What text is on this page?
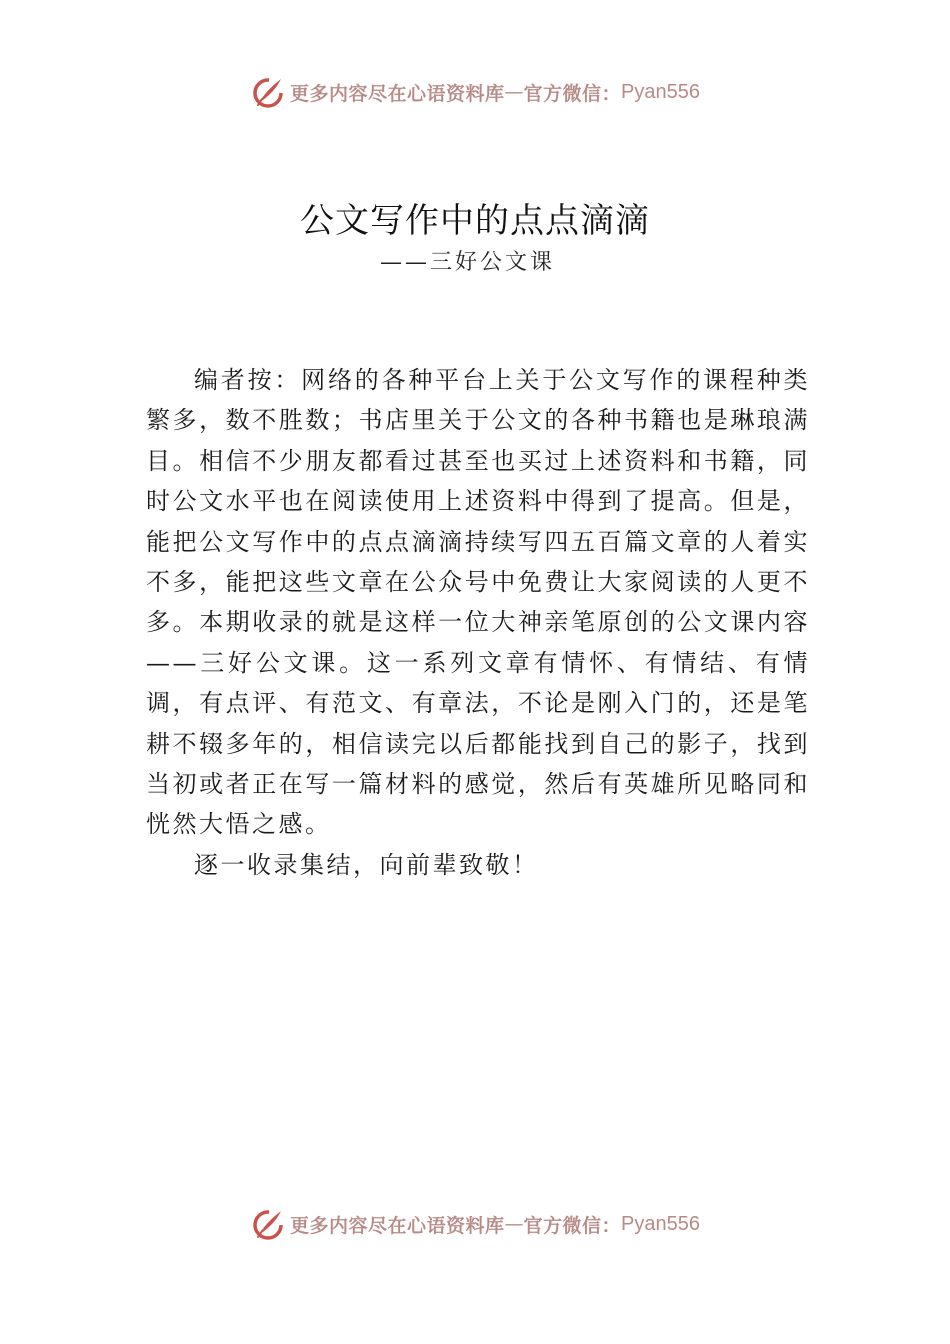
更多内容尽在心语资料库 — 官方微信： Pyan556
公文写作中的点点滴滴
——三好公文课

编者按：网络的各种平台上关于公文写作的课程种类繁多，数不胜数；书店里关于公文的各种书籍也是琳琅满目。相信不少朋友都看过甚至也买过上述资料和书籍，同时公文水平也在阅读使用上述资料中得到了提高。但是，能把公文写作中的点点滴滴持续写四五百篇文章的人着实不多，能把这些文章在公众号中免费让大家阅读的人更不多。本期收录的就是这样一位大神亲笔原创的公文课内容——三好公文课。这一系列文章有情怀、有情结、有情调，有点评、有范文、有章法，不论是刚入门的，还是笔耕不辍多年的，相信读完以后都能找到自己的影子，找到当初或者正在写一篇材料的感觉，然后有英雄所见略同和恍然大悟之感。

逐一收录集结，向前辈致敬！

更多内容尽在心语资料库 — 官方微信： Pyan556
